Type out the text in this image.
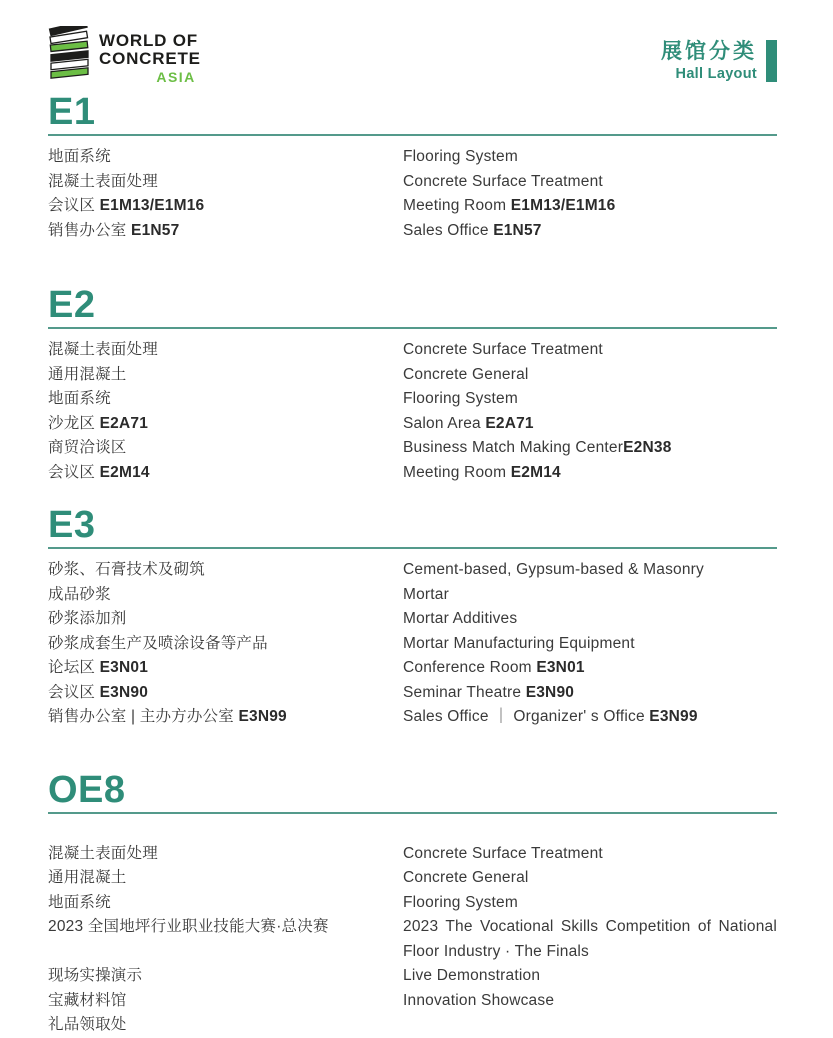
WORLD OF
CONCRETE
ASIA
展馆分类
Hall Layout
E1
地面系统	Flooring System
混凝土表面处理	Concrete Surface Treatment
会议区 E1M13/E1M16	Meeting Room E1M13/E1M16
销售办公室 E1N57	Sales Office E1N57
E2
混凝土表面处理	Concrete Surface Treatment
通用混凝土	Concrete General
地面系统	Flooring System
沙龙区 E2A71	Salon Area E2A71
商贸洽谈区	Business Match Making CenterE2N38
会议区 E2M14	Meeting Room E2M14
E3
砂浆、石膏技术及砌筑	Cement-based, Gypsum-based & Masonry
成品砂浆	Mortar
砂浆添加剂	Mortar Additives
砂浆成套生产及喷涂设备等产品	Mortar Manufacturing Equipment
论坛区 E3N01	Conference Room E3N01
会议区 E3N90	Seminar Theatre E3N90
销售办公室 | 主办方办公室 E3N99	Sales Office ｜ Organizer' s Office E3N99
OE8
混凝土表面处理	Concrete Surface Treatment
通用混凝土	Concrete General
地面系统	Flooring System
2023 全国地坪行业职业技能大赛·总决赛	2023 The Vocational Skills Competition of National Floor Industry · The Finals
现场实操演示	Live Demonstration
宝藏材料馆	Innovation Showcase
礼品领取处
